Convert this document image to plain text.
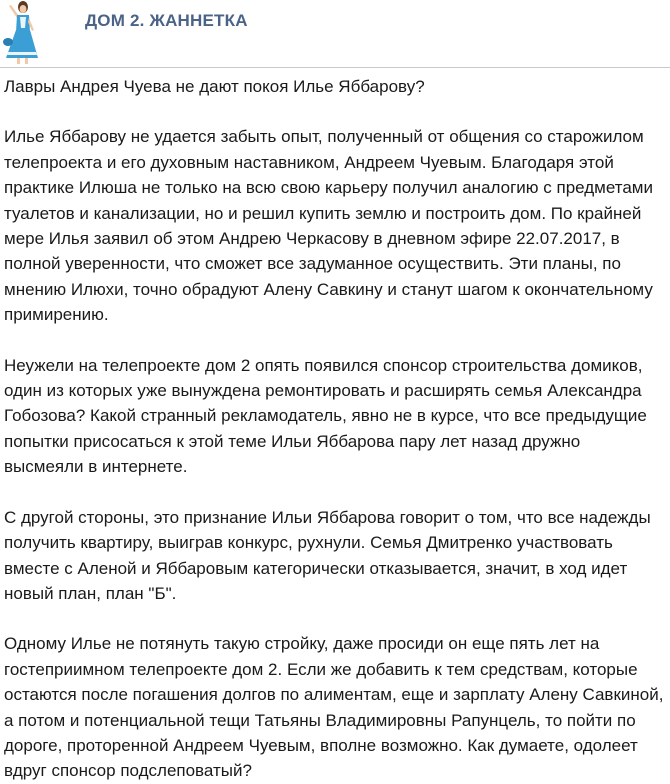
ДОМ 2. ЖАННЕТКА

Лавры Андрея Чуева не дают покоя Илье Яббарову?

Илье Яббарову не удается забыть опыт, полученный от общения со старожилом телепроекта и его духовным наставником, Андреем Чуевым. Благодаря этой практике Илюша не только на всю свою карьеру получил аналогию с предметами туалетов и канализации, но и решил купить землю и построить дом. По крайней мере Илья заявил об этом Андрею Черкасову в дневном эфире 22.07.2017, в полной уверенности, что сможет все задуманное осуществить. Эти планы, по мнению Илюхи, точно обрадуют Алену Савкину и станут шагом к окончательному примирению.

Неужели на телепроекте дом 2 опять появился спонсор строительства домиков, один из которых уже вынуждена ремонтировать и расширять семья Александра Гобозова? Какой странный рекламодатель, явно не в курсе, что все предыдущие попытки присосаться к этой теме Ильи Яббарова пару лет назад дружно высмеяли в интернете.

С другой стороны, это признание Ильи Яббарова говорит о том, что все надежды получить квартиру, выиграв конкурс, рухнули. Семья Дмитренко участвовать вместе с Аленой и Яббаровым категорически отказывается, значит, в ход идет новый план, план "Б".

Одному Илье не потянуть такую стройку, даже просиди он еще пять лет на гостеприимном телепроекте дом 2. Если же добавить к тем средствам, которые остаются после погашения долгов по алиментам, еще и зарплату Алену Савкиной, а потом и потенциальной тещи Татьяны Владимировны Рапунцель, то пойти по дороге, проторенной Андреем Чуевым, вполне возможно. Как думаете, одолеет вдруг спонсор подслеповатый?
